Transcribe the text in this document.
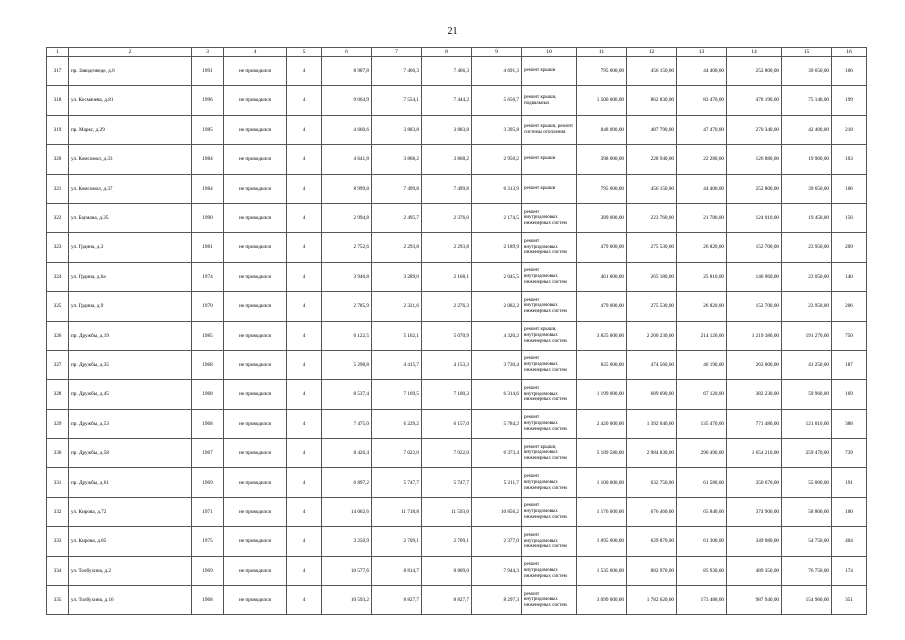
21
1	2	3	4	5	6	7	8	9	10	11	12	13	14	15	16
317	пр. Заводговеде, д.6	1991	не проводился	4	8 987,8	7 466,3	7 466,3	4 691,3	ремонт крыши	795 000,00	456 150,00	44 400,00	252 800,00	39 650,00	106
318	ул. Космачева, д.81	1996	не проводился	4	9 064,9	7 554,1	7 444,2	5 656,7	ремонт крыши, подвальных	1 500 000,00	862 830,00	83 470,00	478 190,00	75 140,00	199
319	пр. Маркс, д.29	1985	не проводился	4	4 660,6	3 883,8	3 883,8	3 395,8	ремонт крыши, ремонт системы отопления	848 000,00	487 790,00	47 470,00	270 340,00	42 400,00	218
320	ул. Комсомол, д.33	1984	не проводился	4	4 641,8	3 868,2	3 868,2	2 950,2	ремонт крыши	398 000,00	228 940,00	22 280,00	126 880,00	19 900,00	103
321	ул. Комсомол, д.37	1984	не проводился	4	8 999,8	7 499,8	7 499,8	6 313,9	ремонт крыши	795 000,00	456 150,00	44 400,00	252 800,00	39 650,00	106
322	ул. Баумана, д.35	1990	не проводился	4	2 994,8	2 495,7	2 376,0	2 174,5	ремонт внутридомовых инженерных систем	389 000,00	223 760,00	21 780,00	124 010,00	19 450,00	156
323	ул. Грдина, д.3	1981	не проводился	4	2 752,6	2 293,8	2 293,8	2 189,9	ремонт внутридомовых инженерных систем	479 000,00	275 530,00	26 820,00	152 700,00	23 950,00	209
324	ул. Грдина, д.6а	1974	не проводился	4	3 946,8	3 289,0	2 168,1	2 045,5	ремонт внутридомовых инженерных систем	461 000,00	265 180,00	25 810,00	146 960,00	23 050,00	140
325	ул. Грдина, д.9	1970	не проводился	4	2 785,9	2 321,6	2 276,3	2 082,3	ремонт внутридомовых инженерных систем	479 000,00	275 530,00	26 820,00	152 700,00	23 950,00	206
326	пр. Дружбы, д.19	1985	не проводился	4	6 122,5	5 102,1	5 070,9	4 320,2	ремонт крыши, внутридомовых инженерных систем	3 825 000,00	2 200 230,00	214 120,00	1 219 380,00	191 270,00	750
327	пр. Дружбы, д.35	1968	не проводился	4	5 298,8	4 415,7	4 153,3	3 730,4	ремонт внутридомовых инженерных систем	825 000,00	474 560,00	46 190,00	263 000,00	41 250,00	187
328	пр. Дружбы, д.45	1968	не проводился	4	8 537,4	7 169,5	7 100,3	6 314,6	ремонт внутридомовых инженерных систем	1 199 000,00	689 690,00	67 120,00	382 230,00	59 960,00	169
329	пр. Дружбы, д.53	1968	не проводился	4	7 475,0	6 229,2	6 157,0	5 784,2	ремонт внутридомовых инженерных систем	2 420 000,00	1 392 040,00	135 470,00	771 480,00	121 010,00	388
330	пр. Дружбы, д.58	1967	не проводился	4	8 426,4	7 022,0	7 022,0	6 373,4	ремонт крыши, внутридомовых инженерных систем	5 189 580,00	2 984 830,00	290 490,00	1 654 210,00	259 470,00	739
331	пр. Дружбы, д.61	1969	не проводился	4	6 897,2	5 747,7	5 747,7	5 211,7	ремонт внутридомовых инженерных систем	1 100 000,00	632 750,00	61 580,00	350 670,00	55 000,00	191
332	ул. Кирова, д.72	1971	не проводился	4	14 062,6	11 718,8	11 593,0	10 856,2	ремонт внутридомовых инженерных систем	1 176 000,00	676 460,00	65 840,00	374 900,00	58 800,00	100
333	ул. Кирова, д.85	1975	не проводился	4	3 250,9	2 709,1	2 709,1	2 377,0	ремонт внутридомовых инженерных систем	1 095 000,00	629 870,00	61 300,00	349 080,00	54 750,00	404
334	ул. Толбухина, д.2	1969	не проводился	4	10 577,6	8 814,7	8 809,0	7 944,3	ремонт внутридомовых инженерных систем	1 535 000,00	882 970,00	85 930,00	489 350,00	76 750,00	174
335	ул. Толбухина, д.16	1968	не проводился	4	10 593,2	8 827,7	8 827,7	8 297,3	ремонт внутридомовых инженерных систем	3 099 000,00	1 782 620,00	173 480,00	987 940,00	154 960,00	351
